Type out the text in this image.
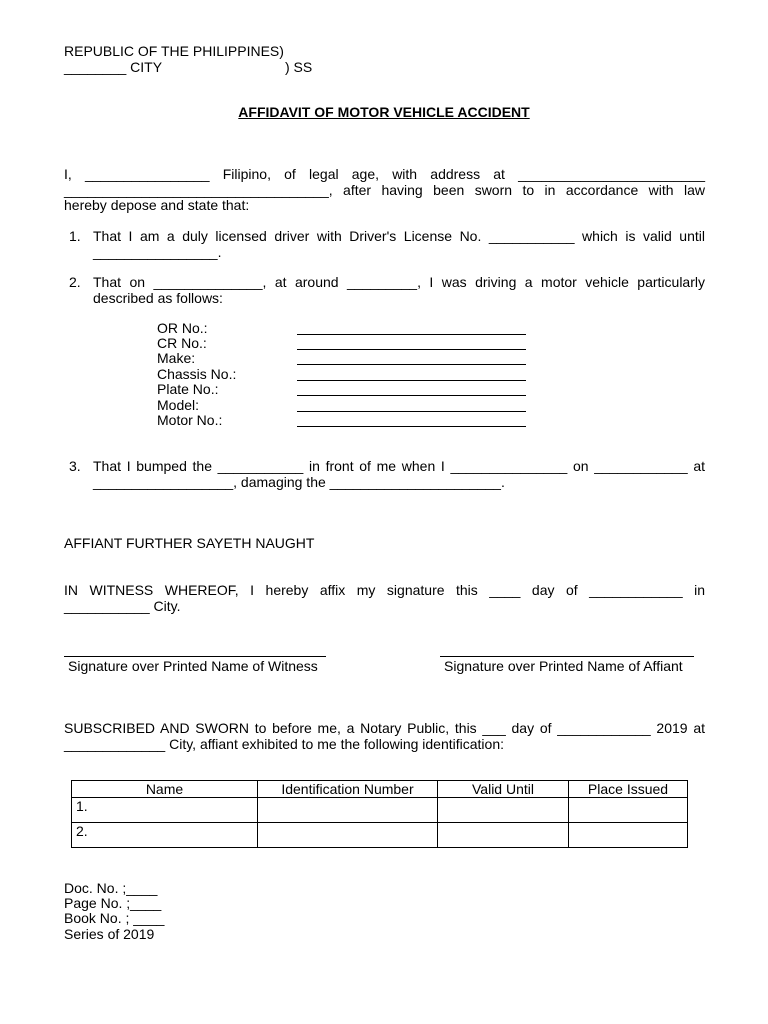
REPUBLIC OF THE PHILIPPINES)
________ CITY	) SS
AFFIDAVIT OF MOTOR VEHICLE ACCIDENT
I, ________________ Filipino, of legal age, with address at ________________________
__________________________________, after having been sworn to in accordance with law
hereby depose and state that:
1. That I am a duly licensed driver with Driver's License No. ___________ which is valid until
________________.
2. That on ______________, at around _________, I was driving a motor vehicle particularly
described as follows:
OR No.:
CR No.:
Make:
Chassis No.:
Plate No.:
Model:
Motor No.:
3. That I bumped the ___________ in front of me when I _______________ on ____________ at
__________________, damaging the ______________________.
AFFIANT FURTHER SAYETH NAUGHT
IN WITNESS WHEREOF, I hereby affix my signature this ____ day of ____________ in
___________ City.
Signature over Printed Name of Witness	Signature over Printed Name of Affiant
SUBSCRIBED AND SWORN to before me, a Notary Public, this ___ day of ____________ 2019 at
_____________ City, affiant exhibited to me the following identification:
Name	Identification Number	Valid Until	Place Issued
1.			
2.			
Doc. No. ;____
Page No. ;____
Book No. ; ____
Series of 2019
